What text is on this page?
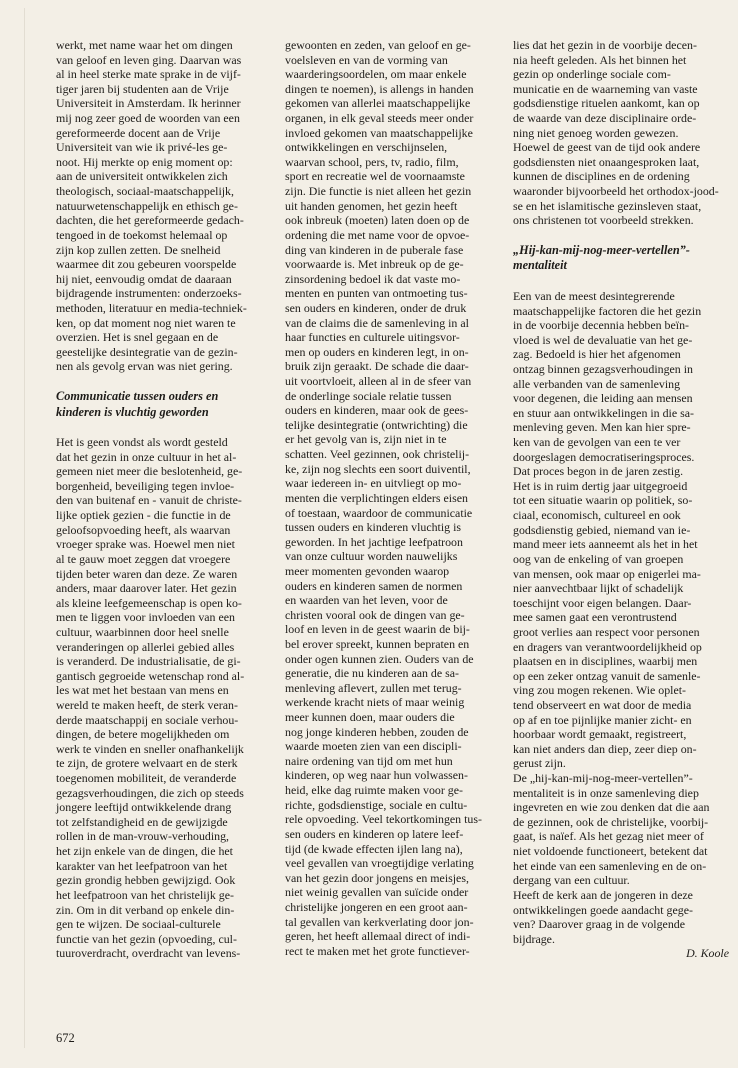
werkt, met name waar het om dingen
van geloof en leven ging. Daarvan was
al in heel sterke mate sprake in de vijf-
tiger jaren bij studenten aan de Vrije
Universiteit in Amsterdam. Ik herinner
mij nog zeer goed de woorden van een
gereformeerde docent aan de Vrije
Universiteit van wie ik privé-les ge-
noot. Hij merkte op enig moment op:
aan de universiteit ontwikkelen zich
theologisch, sociaal-maatschappelijk,
natuurwetenschappelijk en ethisch ge-
dachten, die het gereformeerde gedach-
tengoed in de toekomst helemaal op
zijn kop zullen zetten. De snelheid
waarmee dit zou gebeuren voorspelde
hij niet, eenvoudig omdat de daaraan
bijdragende instrumenten: onderzoeks-
methoden, literatuur en media-techniek-
ken, op dat moment nog niet waren te
overzien. Het is snel gegaan en de
geestelijke desintegratie van de gezin-
nen als gevolg ervan was niet gering.
Communicatie tussen ouders en
kinderen is vluchtig geworden
Het is geen vondst als wordt gesteld
dat het gezin in onze cultuur in het al-
gemeen niet meer die beslotenheid, ge-
borgenheid, beveiliging tegen invloe-
den van buitenaf en - vanuit de christe-
lijke optiek gezien - die functie in de
geloofsopvoeding heeft, als waarvan
vroeger sprake was. Hoewel men niet
al te gauw moet zeggen dat vroegere
tijden beter waren dan deze. Ze waren
anders, maar daarover later. Het gezin
als kleine leefgemeenschap is open ko-
men te liggen voor invloeden van een
cultuur, waarbinnen door heel snelle
veranderingen op allerlei gebied alles
is veranderd. De industrialisatie, de gi-
gantisch gegroeide wetenschap rond al-
les wat met het bestaan van mens en
wereld te maken heeft, de sterk veran-
derde maatschappij en sociale verhou-
dingen, de betere mogelijkheden om
werk te vinden en sneller onafhankelijk
te zijn, de grotere welvaart en de sterk
toegenomen mobiliteit, de veranderde
gezagsverhoudingen, die zich op steeds
jongere leeftijd ontwikkelende drang
tot zelfstandigheid en de gewijzigde
rollen in de man-vrouw-verhouding,
het zijn enkele van de dingen, die het
karakter van het leefpatroon van het
gezin grondig hebben gewijzigd. Ook
het leefpatroon van het christelijk ge-
zin. Om in dit verband op enkele din-
gen te wijzen. De sociaal-culturele
functie van het gezin (opvoeding, cul-
tuuroverdracht, overdracht van levens-
gewoonten en zeden, van geloof en ge-
voelsleven en van de vorming van
waarderingsoordelen, om maar enkele
dingen te noemen), is allengs in handen
gekomen van allerlei maatschappelijke
organen, in elk geval steeds meer onder
invloed gekomen van maatschappelijke
ontwikkelingen en verschijnselen,
waarvan school, pers, tv, radio, film,
sport en recreatie wel de voornaamste
zijn. Die functie is niet alleen het gezin
uit handen genomen, het gezin heeft
ook inbreuk (moeten) laten doen op de
ordening die met name voor de opvoe-
ding van kinderen in de puberale fase
voorwaarde is. Met inbreuk op de ge-
zinsordening bedoel ik dat vaste mo-
menten en punten van ontmoeting tus-
sen ouders en kinderen, onder de druk
van de claims die de samenleving in al
haar functies en culturele uitingsvor-
men op ouders en kinderen legt, in on-
bruik zijn geraakt. De schade die daar-
uit voortvloeit, alleen al in de sfeer van
de onderlinge sociale relatie tussen
ouders en kinderen, maar ook de gees-
telijke desintegratie (ontwrichting) die
er het gevolg van is, zijn niet in te
schatten. Veel gezinnen, ook christelij-
ke, zijn nog slechts een soort duiventil,
waar iedereen in- en uitvliegt op mo-
menten die verplichtingen elders eisen
of toestaan, waardoor de communicatie
tussen ouders en kinderen vluchtig is
geworden. In het jachtige leefpatroon
van onze cultuur worden nauwelijks
meer momenten gevonden waarop
ouders en kinderen samen de normen
en waarden van het leven, voor de
christen vooral ook de dingen van ge-
loof en leven in de geest waarin de bij-
bel erover spreekt, kunnen bepraten en
onder ogen kunnen zien. Ouders van de
generatie, die nu kinderen aan de sa-
menleving aflevert, zullen met terug-
werkende kracht niets of maar weinig
meer kunnen doen, maar ouders die
nog jonge kinderen hebben, zouden de
waarde moeten zien van een discipli-
naire ordening van tijd om met hun
kinderen, op weg naar hun volwassen-
heid, elke dag ruimte maken voor ge-
richte, godsdienstige, sociale en cultu-
rele opvoeding. Veel tekortkomingen tus-
sen ouders en kinderen op latere leef-
tijd (de kwade effecten ijlen lang na),
veel gevallen van vroegtijdige verlating
van het gezin door jongens en meisjes,
niet weinig gevallen van suïcide onder
christelijke jongeren en een groot aan-
tal gevallen van kerkverlating door jon-
geren, het heeft allemaal direct of indi-
rect te maken met het grote functiever-
lies dat het gezin in de voorbije decen-
nia heeft geleden. Als het binnen het
gezin op onderlinge sociale com-
municatie en de waarneming van vaste
godsdienstige rituelen aankomt, kan op
de waarde van deze disciplinaire orde-
ning niet genoeg worden gewezen.
Hoewel de geest van de tijd ook andere
godsdiensten niet onaangesproken laat,
kunnen de disciplines en de ordening
waaronder bijvoorbeeld het orthodox-jood-
se en het islamitische gezinsleven staat,
ons christenen tot voorbeeld strekken.
„Hij-kan-mij-nog-meer-vertellen”-
mentaliteit
Een van de meest desintegrerende
maatschappelijke factoren die het gezin
in de voorbije decennia hebben beïn-
vloed is wel de devaluatie van het ge-
zag. Bedoeld is hier het afgenomen
ontzag binnen gezagsverhoudingen in
alle verbanden van de samenleving
voor degenen, die leiding aan mensen
en stuur aan ontwikkelingen in die sa-
menleving geven. Men kan hier spre-
ken van de gevolgen van een te ver
doorgeslagen democratiseringsproces.
Dat proces begon in de jaren zestig.
Het is in ruim dertig jaar uitgegroeid
tot een situatie waarin op politiek, so-
ciaal, economisch, cultureel en ook
godsdienstig gebied, niemand van ie-
mand meer iets aanneemt als het in het
oog van de enkeling of van groepen
van mensen, ook maar op enigerlei ma-
nier aanvechtbaar lijkt of schadelijk
toeschijnt voor eigen belangen. Daar-
mee samen gaat een verontrustend
groot verlies aan respect voor personen
en dragers van verantwoordelijkheid op
plaatsen en in disciplines, waarbij men
op een zeker ontzag vanuit de samenle-
ving zou mogen rekenen. Wie oplet-
tend observeert en wat door de media
op af en toe pijnlijke manier zicht- en
hoorbaar wordt gemaakt, registreert,
kan niet anders dan diep, zeer diep on-
gerust zijn.
De „hij-kan-mij-nog-meer-vertellen”-
mentaliteit is in onze samenleving diep
ingevreten en wie zou denken dat die aan
de gezinnen, ook de christelijke, voorbij-
gaat, is naïef. Als het gezag niet meer of
niet voldoende functioneert, betekent dat
het einde van een samenleving en de on-
dergang van een cultuur.
Heeft de kerk aan de jongeren in deze
ontwikkelingen goede aandacht gege-
ven? Daarover graag in de volgende
bijdrage.
D. Koole
672
